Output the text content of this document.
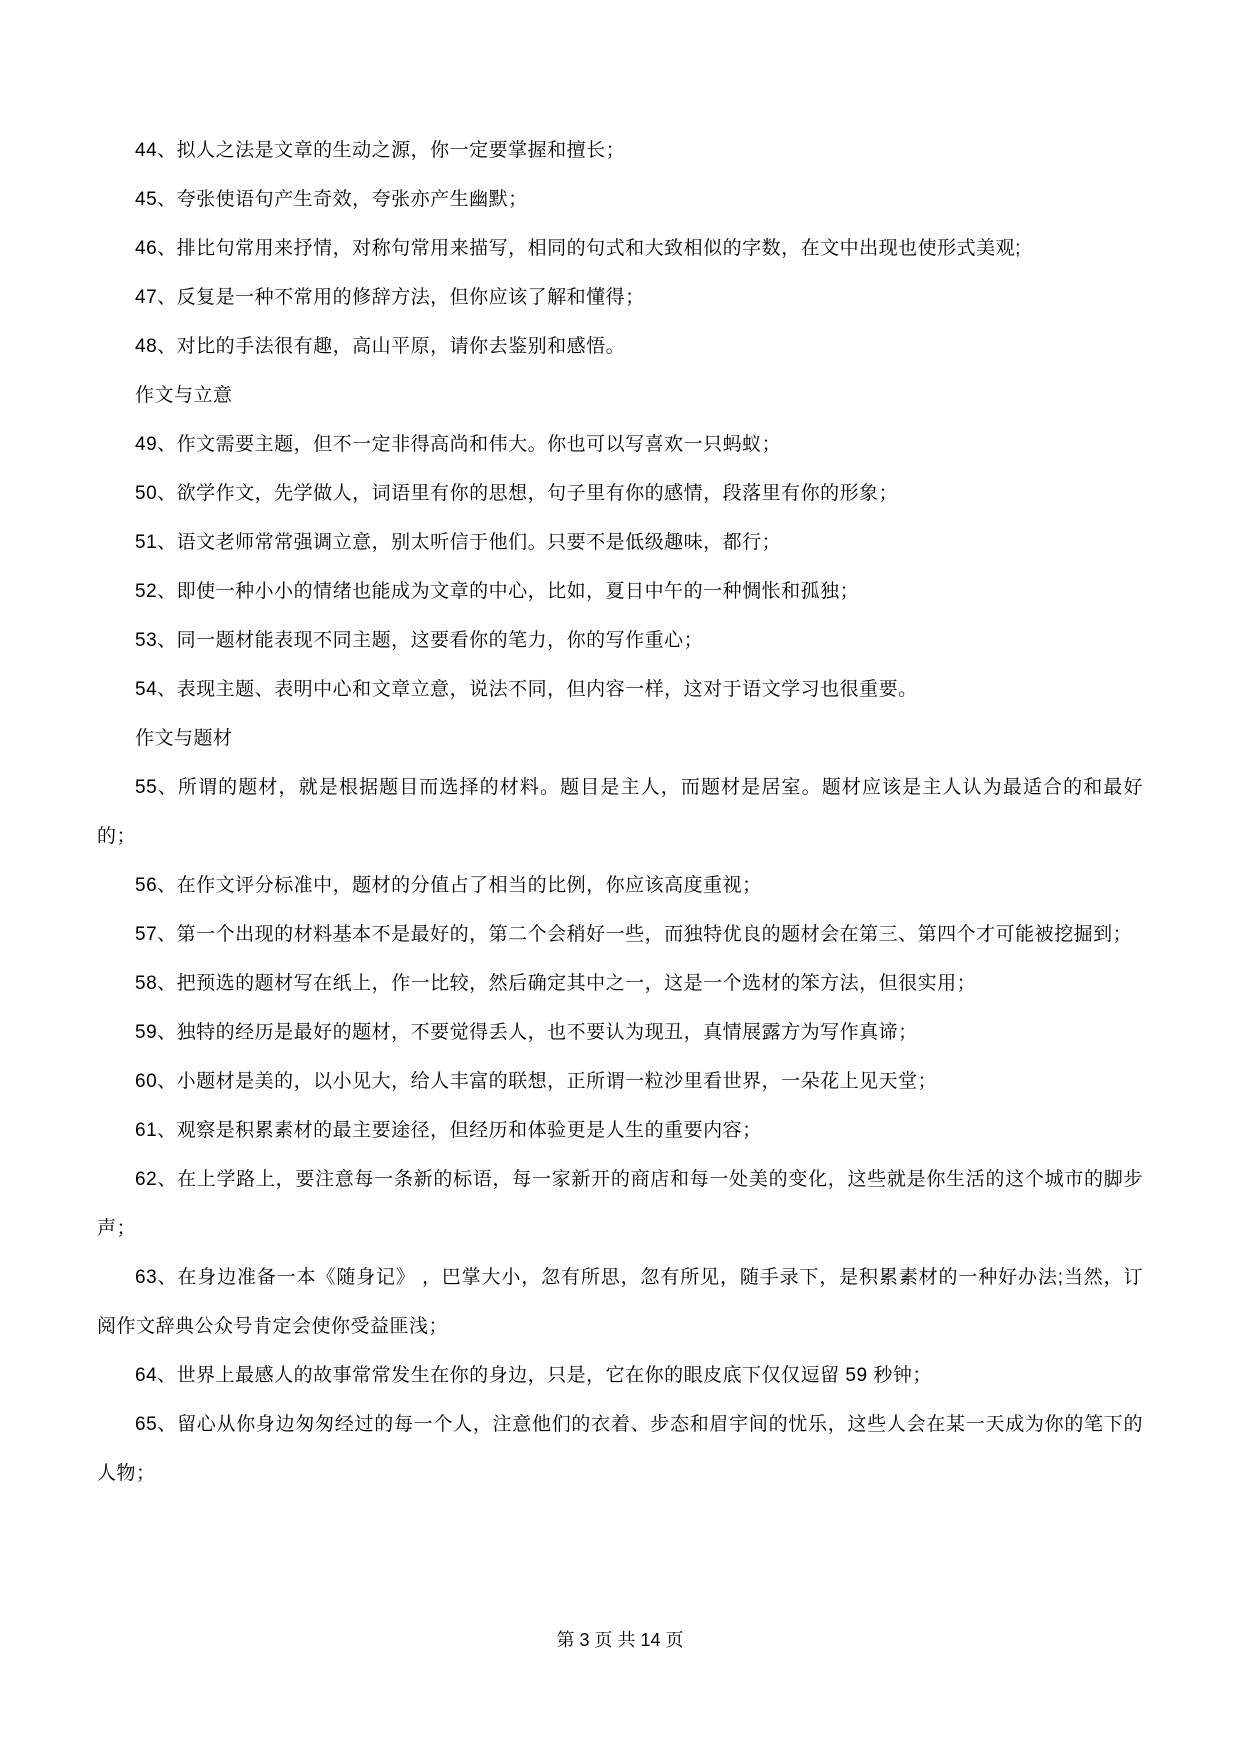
44、拟人之法是文章的生动之源，你一定要掌握和擅长；

45、夸张使语句产生奇效，夸张亦产生幽默；

46、排比句常用来抒情，对称句常用来描写，相同的句式和大致相似的字数，在文中出现也使形式美观;

47、反复是一种不常用的修辞方法，但你应该了解和懂得；

48、对比的手法很有趣，高山平原，请你去鉴别和感悟。

作文与立意

49、作文需要主题，但不一定非得高尚和伟大。你也可以写喜欢一只蚂蚁；

50、欲学作文，先学做人，词语里有你的思想，句子里有你的感情，段落里有你的形象；

51、语文老师常常强调立意，别太听信于他们。只要不是低级趣味，都行；

52、即使一种小小的情绪也能成为文章的中心，比如，夏日中午的一种惆怅和孤独；

53、同一题材能表现不同主题，这要看你的笔力，你的写作重心；

54、表现主题、表明中心和文章立意，说法不同，但内容一样，这对于语文学习也很重要。

作文与题材

55、所谓的题材，就是根据题目而选择的材料。题目是主人，而题材是居室。题材应该是主人认为最适合的和最好的；

56、在作文评分标准中，题材的分值占了相当的比例，你应该高度重视；

57、第一个出现的材料基本不是最好的，第二个会稍好一些，而独特优良的题材会在第三、第四个才可能被挖掘到；

58、把预选的题材写在纸上，作一比较，然后确定其中之一，这是一个选材的笨方法，但很实用；

59、独特的经历是最好的题材，不要觉得丢人，也不要认为现丑，真情展露方为写作真谛；

60、小题材是美的，以小见大，给人丰富的联想，正所谓一粒沙里看世界，一朵花上见天堂；

61、观察是积累素材的最主要途径，但经历和体验更是人生的重要内容；

62、在上学路上，要注意每一条新的标语，每一家新开的商店和每一处美的变化，这些就是你生活的这个城市的脚步声；

63、在身边准备一本《随身记》 ，巴掌大小，忽有所思，忽有所见，随手录下，是积累素材的一种好办法;当然，订阅作文辞典公众号肯定会使你受益匪浅；

64、世界上最感人的故事常常发生在你的身边，只是，它在你的眼皮底下仅仅逗留 59 秒钟；

65、留心从你身边匆匆经过的每一个人，注意他们的衣着、步态和眉宇间的忧乐，这些人会在某一天成为你的笔下的人物；

第 3 页 共 14 页
